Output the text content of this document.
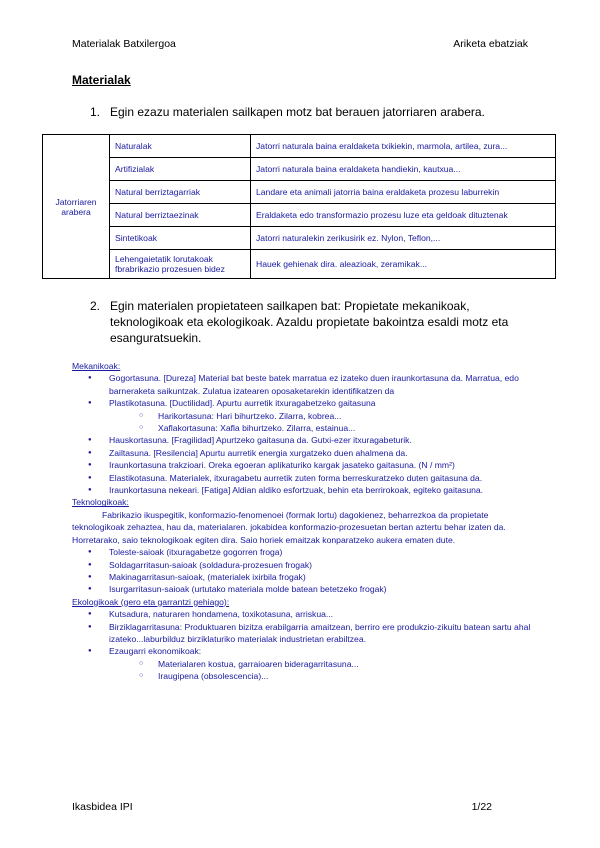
Materialak Batxilergoa	Ariketa ebatziak
Materialak
1. Egin ezazu materialen sailkapen motz bat berauen jatorriaren arabera.
Jatorriaren arabera	Naturalak	Jatorri naturala baina eraldaketa txikiekin, marmola, artilea, zura...
	Artifizialak	Jatorri naturala baina eraldaketa handiekin, kautxua...
	Natural berriztagarriak	Landare eta animali jatorria baina eraldaketa prozesu laburrekin
	Natural berriztaezinak	Eraldaketa edo transformazio prozesu luze eta geldoak dituztenak
	Sintetikoak	Jatorri naturalekin zerikusirik ez. Nylon, Teflon,...
	Lehengaietatik lorutakoak fbrabrikazio prozesuen bidez	Hauek gehienak dira. aleazioak, zeramikak...
2. Egin materialen propietateen sailkapen bat: Propietate mekanikoak, teknologikoak eta ekologikoak. Azaldu propietate bakointza esaldi motz eta esanguratsuekin.
Mekanikoak:
● Gogortasuna. [Dureza] Material bat beste batek marratua ez izateko duen iraunkortasuna da. Marratua, edo barneraketa saikuntzak. Zulatua izatearen oposaketarekin identifikatzen da
● Plastikotasuna. [Ductilidad]. Apurtu aurretik itxuragabetzeko gaitasuna
○ Harikortasuna: Hari bihurtzeko. Zilarra, kobrea...
○ Xaflakortasuna: Xafla bihurtzeko. Zilarra, estainua...
● Hauskortasuna. [Fragilidad] Apurtzeko gaitasuna da. Gutxi-ezer itxuragabeturik.
● Zailtasuna. [Resilencia] Apurtu aurretik energia xurgatzeko duen ahalmena da.
● Iraunkortasuna trakzioari. Oreka egoeran aplikaturiko kargak jasateko gaitasuna. (N / mm²)
● Elastikotasuna. Materialek, itxuragabetu aurretik zuten forma berreskuratzeko duten gaitasuna da.
● Iraunkortasuna nekeari. [Fatiga] Aldian aldiko esfortzuak, behin eta berrirokoak, egiteko gaitasuna.
Teknologikoak:
Fabrikazio ikuspegitik, konformazio-fenomenoei (formak lortu) dagokienez, beharrezkoa da propietate teknologikoak zehaztea, hau da, materialaren. jokabidea konformazio-prozesuetan bertan aztertu behar izaten da. Horretarako, saio teknologikoak egiten dira. Saio horiek emaitzak konparatzeko aukera ematen dute.
● Toleste-saioak (itxuragabetze gogorren froga)
● Soldagarritasun-saioak (soldadura-prozesuen frogak)
● Makinagarritasun-saioak, (materialek ixirbila frogak)
● Isurgarritasun-saioak (urtutako materiala molde batean betetzeko frogak)
Ekologikoak (gero eta garrantzi gehiago):
● Kutsadura, naturaren hondamena, toxikotasuna, arriskua...
● Birziklagarritasuna: Produktuaren bizitza erabilgarria amaitzean, berriro ere produkzio-zikuitu batean sartu ahal izateko...laburbilduz birziklaturiko materialak industrietan erabiltzea.
● Ezaugarri ekonomikoak:
○ Materialaren kostua, garraioaren bideragarritasuna...
○ Iraugipena (obsolescencia)...
Ikasbidea IPI	1/22
